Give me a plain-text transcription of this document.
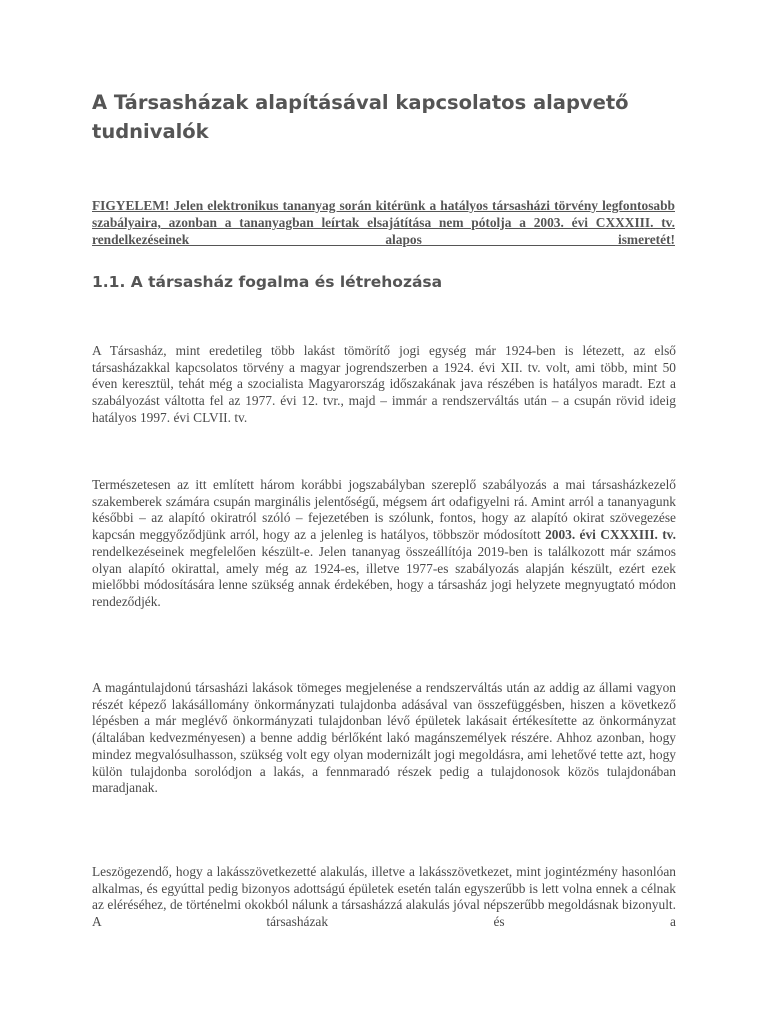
A Társasházak alapításával kapcsolatos alapvető tudnivalók

FIGYELEM! Jelen elektronikus tananyag során kitérünk a hatályos társasházi törvény legfontosabb szabályaira, azonban a tananyagban leírtak elsajátítása nem pótolja a 2003. évi CXXXIII. tv. rendelkezéseinek alapos ismeretét!

1.1. A társasház fogalma és létrehozása

A Társasház, mint eredetileg több lakást tömörítő jogi egység már 1924-ben is létezett, az első társasházakkal kapcsolatos törvény a magyar jogrendszerben a 1924. évi XII. tv. volt, ami több, mint 50 éven keresztül, tehát még a szocialista Magyarország időszakának java részében is hatályos maradt. Ezt a szabályozást váltotta fel az 1977. évi 12. tvr., majd – immár a rendszerváltás után – a csupán rövid ideig hatályos 1997. évi CLVII. tv.

Természetesen az itt említett három korábbi jogszabályban szereplő szabályozás a mai társasházkezelő szakemberek számára csupán marginális jelentőségű, mégsem árt odafigyelni rá. Amint arról a tananyagunk későbbi – az alapító okiratról szóló – fejezetében is szólunk, fontos, hogy az alapító okirat szövegezése kapcsán meggyőződjünk arról, hogy az a jelenleg is hatályos, többször módosított 2003. évi CXXXIII. tv. rendelkezéseinek megfelelően készült-e. Jelen tananyag összeállítója 2019-ben is találkozott már számos olyan alapító okirattal, amely még az 1924-es, illetve 1977-es szabályozás alapján készült, ezért ezek mielőbbi módosítására lenne szükség annak érdekében, hogy a társasház jogi helyzete megnyugtató módon rendeződjék.

A magántulajdonú társasházi lakások tömeges megjelenése a rendszerváltás után az addig az állami vagyon részét képező lakásállomány önkormányzati tulajdonba adásával van összefüggésben, hiszen a következő lépésben a már meglévő önkormányzati tulajdonban lévő épületek lakásait értékesítette az önkormányzat (általában kedvezményesen) a benne addig bérlőként lakó magánszemélyek részére. Ahhoz azonban, hogy mindez megvalósulhasson, szükség volt egy olyan modernizált jogi megoldásra, ami lehetővé tette azt, hogy külön tulajdonba sorolódjon a lakás, a fennmaradó részek pedig a tulajdonosok közös tulajdonában maradjanak.

Leszögezendő, hogy a lakásszövetkezetté alakulás, illetve a lakásszövetkezet, mint jogintézmény hasonlóan alkalmas, és egyúttal pedig bizonyos adottságú épületek esetén talán egyszerűbb is lett volna ennek a célnak az eléréséhez, de történelmi okokból nálunk a társasházzá alakulás jóval népszerűbb megoldásnak bizonyult. A társasházak és a
